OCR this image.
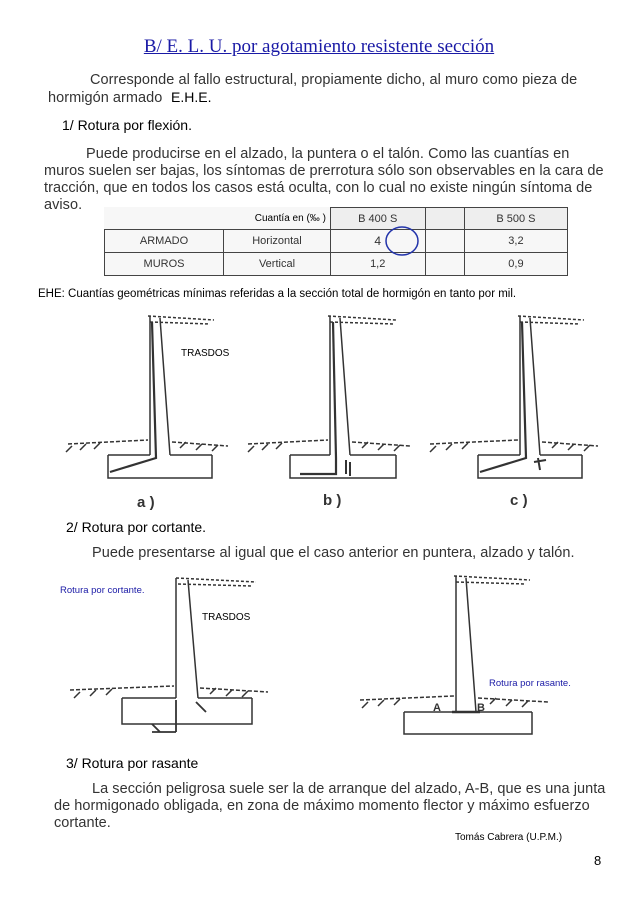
B/ E. L. U. por agotamiento resistente sección
Corresponde al fallo estructural, propiamente dicho, al muro como pieza de
hormigón armado E.H.E.
1/ Rotura por flexión.
Puede producirse en el alzado, la puntera o el talón. Como las cuantías en
muros suelen ser bajas, los síntomas de prerrotura sólo son observables en la cara de
tracción, que en todos los casos está oculta, con lo cual no existe ningún síntoma de
aviso.
	Cuantía en (‰ )	B 400 S		B 500 S
ARMADO	Horizontal	4		3,2
MUROS	Vertical	1,2		0,9
EHE: Cuantías geométricas mínimas referidas a la sección total de hormigón en tanto por mil.
TRASDOS
a )	b )	c )
2/ Rotura por cortante.
Puede presentarse al igual que el caso anterior en puntera, alzado y talón.
Rotura por cortante.
TRASDOS
Rotura por rasante.
A	B
3/ Rotura por rasante
La sección peligrosa suele ser la de arranque del alzado, A-B, que es una junta
de hormigonado obligada, en zona de máximo momento flector y máximo esfuerzo
cortante.
Tomás Cabrera (U.P.M.)
8
